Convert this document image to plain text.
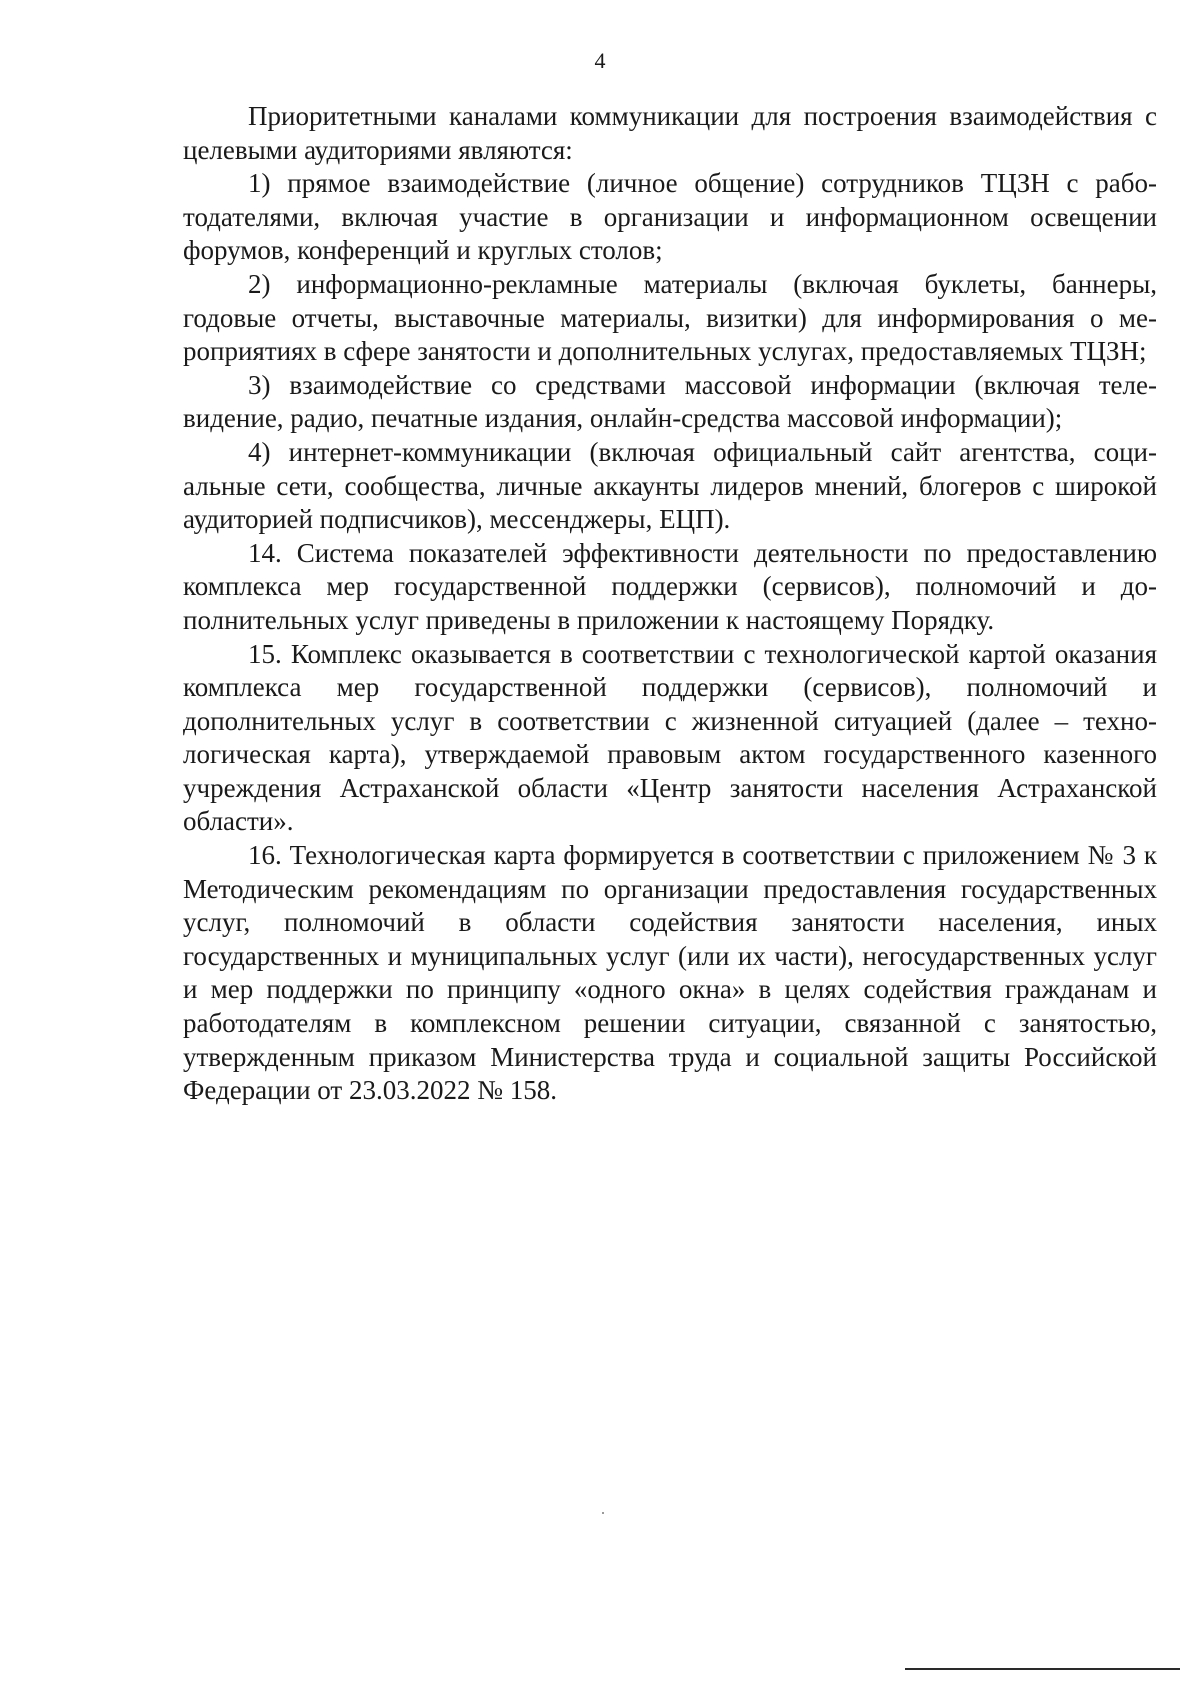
4

Приоритетными каналами коммуникации для построения взаимодействия с целевыми аудиториями являются:

1) прямое взаимодействие (личное общение) сотрудников ТЦЗН с работодателями, включая участие в организации и информационном освещении форумов, конференций и круглых столов;

2) информационно-рекламные материалы (включая буклеты, баннеры, годовые отчеты, выставочные материалы, визитки) для информирования о мероприятиях в сфере занятости и дополнительных услугах, предоставляемых ТЦЗН;

3) взаимодействие со средствами массовой информации (включая телевидение, радио, печатные издания, онлайн-средства массовой информации);

4) интернет-коммуникации (включая официальный сайт агентства, социальные сети, сообщества, личные аккаунты лидеров мнений, блогеров с широкой аудиторией подписчиков), мессенджеры, ЕЦП).

14. Система показателей эффективности деятельности по предоставлению комплекса мер государственной поддержки (сервисов), полномочий и дополнительных услуг приведены в приложении к настоящему Порядку.

15. Комплекс оказывается в соответствии с технологической картой оказания комплекса мер государственной поддержки (сервисов), полномочий и дополнительных услуг в соответствии с жизненной ситуацией (далее – технологическая карта), утверждаемой правовым актом государственного казенного учреждения Астраханской области «Центр занятости населения Астраханской области».

16. Технологическая карта формируется в соответствии с приложением № 3 к Методическим рекомендациям по организации предоставления государственных услуг, полномочий в области содействия занятости населения, иных государственных и муниципальных услуг (или их части), негосударственных услуг и мер поддержки по принципу «одного окна» в целях содействия гражданам и работодателям в комплексном решении ситуации, связанной с занятостью, утвержденным приказом Министерства труда и социальной защиты Российской Федерации от 23.03.2022 № 158.
